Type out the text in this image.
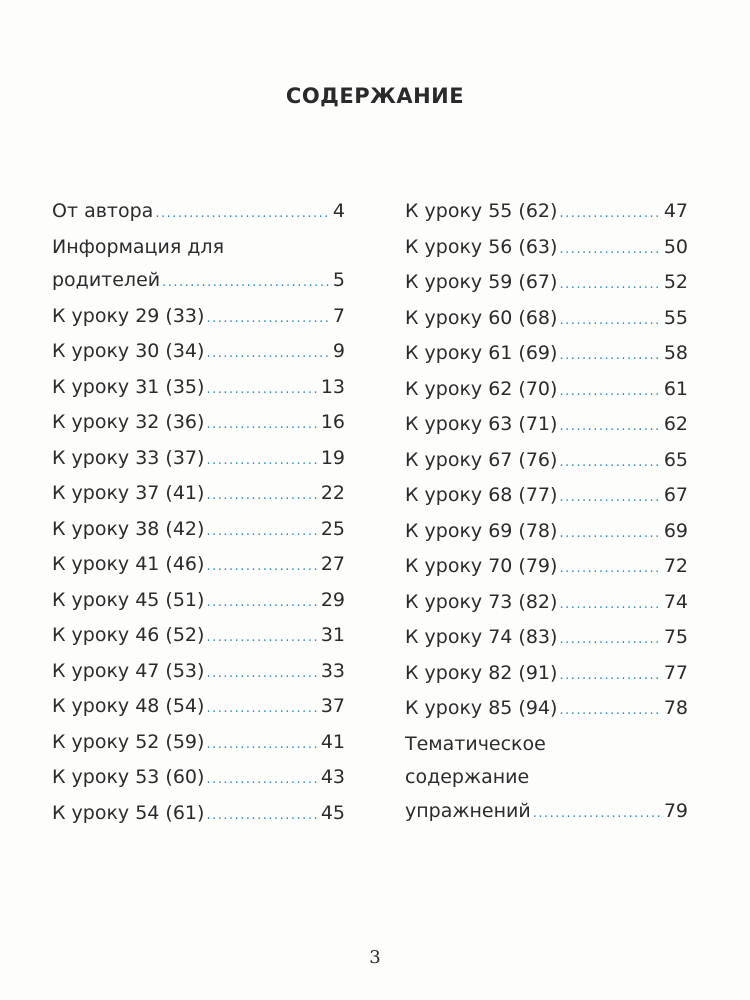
СОДЕРЖАНИЕ
От автора .....	4
Информация для
родителей .....	5
К уроку 29 (33) .....	7
К уроку 30 (34) .....	9
К уроку 31 (35) .....	13
К уроку 32 (36) .....	16
К уроку 33 (37) .....	19
К уроку 37 (41) .....	22
К уроку 38 (42) .....	25
К уроку 41 (46) .....	27
К уроку 45 (51) .....	29
К уроку 46 (52) .....	31
К уроку 47 (53) .....	33
К уроку 48 (54) .....	37
К уроку 52 (59) .....	41
К уроку 53 (60) .....	43
К уроку 54 (61) .....	45
К уроку 55 (62) .....	47
К уроку 56 (63) .....	50
К уроку 59 (67) .....	52
К уроку 60 (68) .....	55
К уроку 61 (69) .....	58
К уроку 62 (70) .....	61
К уроку 63 (71) .....	62
К уроку 67 (76) .....	65
К уроку 68 (77) .....	67
К уроку 69 (78) .....	69
К уроку 70 (79) .....	72
К уроку 73 (82) .....	74
К уроку 74 (83) .....	75
К уроку 82 (91) .....	77
К уроку 85 (94) .....	78
Тематическое
содержание
упражнений .....	79
3
